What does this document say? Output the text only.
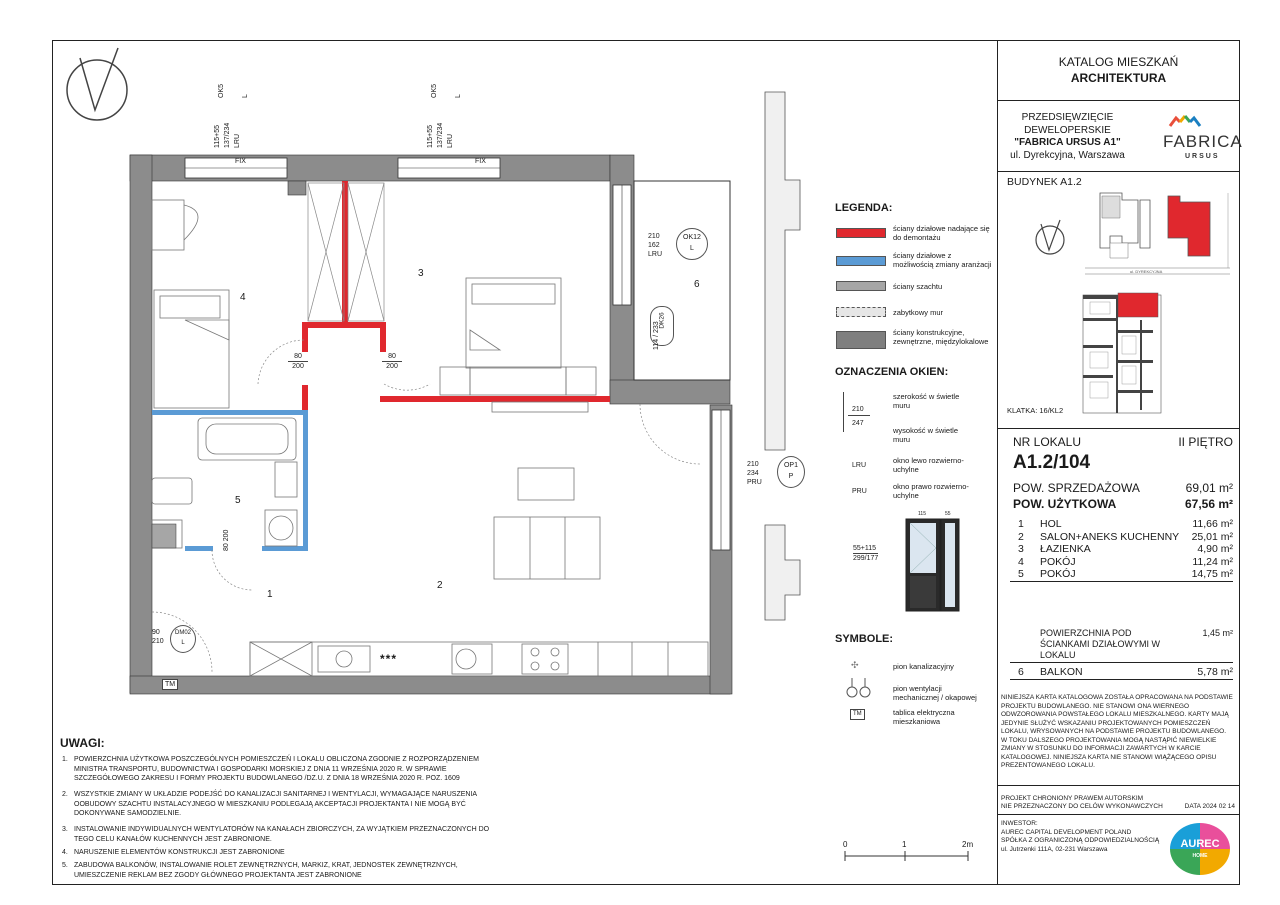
4
3
6
5
1
2
OK5 L
115+55 137/234 LRU
FIX
OK5 L
115+55 137/234 LRU
FIX
210
162
LRU
OK12
L
DK26
114 / 233
210
234
PRU
OP1
P
90
210
DM02
L
80
200
80
200
80 200
TM
***
LEGENDA:
ściany działowe nadające się do demontażu
ściany działowe z możliwością zmiany aranżacji
ściany szachtu
zabytkowy mur
ściany konstrukcyjne, zewnętrzne, międzylokalowe
OZNACZENIA OKIEN:
210
247
szerokość w świetle muru
wysokość w świetle muru
LRU
okno lewo rozwierno-uchylne
PRU
okno prawo rozwierno-uchylne
55+115
299/177
115	55
SYMBOLE:
✣	pion kanalizacyjny
pion wentylacji mechanicznej / okapowej
TM	tablica elektryczna mieszkaniowa
0	1	2m
UWAGI:
1. POWIERZCHNIA UŻYTKOWA POSZCZEGÓLNYCH POMIESZCZEŃ I LOKALU OBLICZONA ZGODNIE Z ROZPORZĄDZENIEM MINISTRA TRANSPORTU, BUDOWNICTWA I GOSPODARKI MORSKIEJ Z DNIA 11 WRZEŚNIA 2020 R. W SPRAWIE SZCZEGÓŁOWEGO ZAKRESU I FORMY PROJEKTU BUDOWLANEGO /DZ.U. Z DNIA 18 WRZEŚNIA 2020 R. POZ. 1609
2. WSZYSTKIE ZMIANY W UKŁADZIE PODEJŚĆ DO KANALIZACJI SANITARNEJ I WENTYLACJI, WYMAGAJĄCE NARUSZENIA OOBUDOWY SZACHTU INSTALACYJNEGO W MIESZKANIU PODLEGAJĄ AKCEPTACJI PROJEKTANTA I NIE MOGĄ BYĆ DOKONYWANE SAMODZIELNIE.
3. INSTALOWANIE INDYWIDUALNYCH WENTYLATORÓW NA KANAŁACH ZBIORCZYCH, ZA WYJĄTKIEM PRZEZNACZONYCH DO TEGO CELU KANAŁÓW KUCHENNYCH JEST ZABRONIONE.
4. NARUSZENIE ELEMENTÓW KONSTRUKCJI JEST ZABRONIONE
5. ZABUDOWA BALKONÓW, INSTALOWANIE ROLET ZEWNĘTRZNYCH, MARKIZ, KRAT, JEDNOSTEK ZEWNĘTRZNYCH, UMIESZCZENIE REKLAM BEZ ZGODY GŁÓWNEGO PROJEKTANTA JEST ZABRONIONE
KATALOG MIESZKAŃ
ARCHITEKTURA
PRZEDSIĘWZIĘCIE
DEWELOPERSKIE
"FABRICA URSUS A1"
ul. Dyrekcyjna, Warszawa
FABRICA
URSUS
BUDYNEK A1.2
ul. DYREKCYJNA
KLATKA: 16/KL2
NR LOKALU	II PIĘTRO
A1.2/104
POW. SPRZEDAŻOWA	69,01 m²
POW. UŻYTKOWA	67,56 m²
1	HOL	11,66 m²
2	SALON+ANEKS KUCHENNY 25,01 m²
3	ŁAZIENKA	4,90 m²
4	POKÓJ	11,24 m²
5	POKÓJ	14,75 m²
POWIERZCHNIA POD ŚCIANKAMI DZIAŁOWYMI W LOKALU
1,45 m²
6	BALKON	5,78 m²
NINIEJSZA KARTA KATALOGOWA ZOSTAŁA OPRACOWANA NA PODSTAWIE PROJEKTU BUDOWLANEGO. NIE STANOWI ONA WIERNEGO ODWZOROWANIA POWSTAŁEGO LOKALU MIESZKALNEGO. KARTY MAJĄ JEDYNIE SŁUŻYĆ WSKAZANIU PROJEKTOWANYCH POMIESZCZEŃ LOKALU, WRYSOWANYCH NA PODSTAWIE PROJEKTU BUDOWLANEGO. W TOKU DALSZEGO PROJEKTOWANIA MOGĄ NASTĄPIĆ NIEWIELKIE ZMIANY W STOSUNKU DO INFORMACJI ZAWARTYCH W KARCIE KATALOGOWEJ. NINIEJSZA KARTA NIE STANOWI WIĄŻĄCEGO OPISU PREZENTOWANEGO LOKALU.
PROJEKT CHRONIONY PRAWEM AUTORSKIM
NIE PRZEZNACZONY DO CELÓW WYKONAWCZYCH	DATA 2024 02 14
INWESTOR:
AUREC CAPITAL DEVELOPMENT POLAND
SPÓŁKA Z OGRANICZONĄ ODPOWIEDZIALNOŚCIĄ
ul. Jutrzenki 111A, 02-231 Warszawa	AUREC
HOME
